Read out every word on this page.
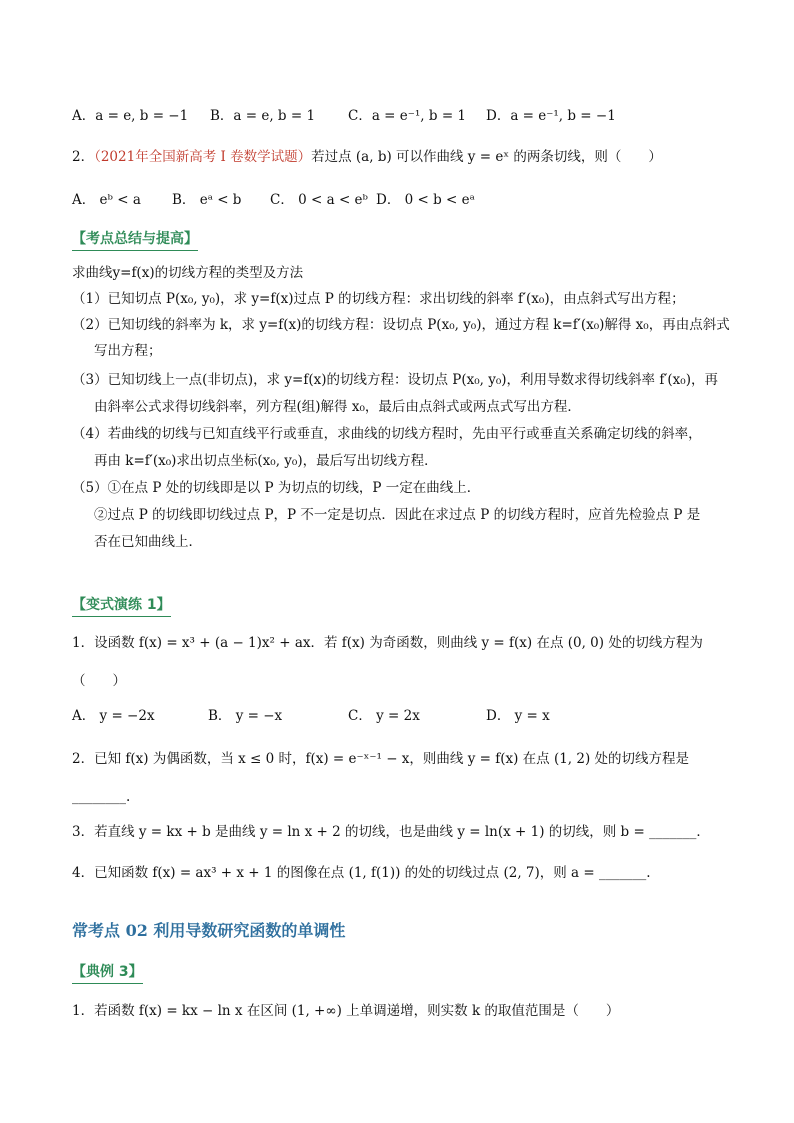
A．a = e, b = −1 B．a = e, b = 1 C．a = e⁻¹, b = 1 D．a = e⁻¹, b = −1
2．（2021年全国新高考 I 卷数学试题）若过点 (a, b) 可以作曲线 y = eˣ 的两条切线，则（　　）
A． eᵇ < a B． eᵃ < b C． 0 < a < eᵇ D． 0 < b < eᵃ
【考点总结与提高】
求曲线y=f(x)的切线方程的类型及方法
（1）已知切点 P(x₀, y₀)，求 y=f(x)过点 P 的切线方程：求出切线的斜率 f′(x₀)，由点斜式写出方程；
（2）已知切线的斜率为 k，求 y=f(x)的切线方程：设切点 P(x₀, y₀)，通过方程 k=f′(x₀)解得 x₀，再由点斜式
写出方程；
（3）已知切线上一点(非切点)，求 y=f(x)的切线方程：设切点 P(x₀, y₀)，利用导数求得切线斜率 f′(x₀)，再
由斜率公式求得切线斜率，列方程(组)解得 x₀，最后由点斜式或两点式写出方程．
（4）若曲线的切线与已知直线平行或垂直，求曲线的切线方程时，先由平行或垂直关系确定切线的斜率，
再由 k=f′(x₀)求出切点坐标(x₀, y₀)，最后写出切线方程．
（5）①在点 P 处的切线即是以 P 为切点的切线，P 一定在曲线上．
②过点 P 的切线即切线过点 P，P 不一定是切点．因此在求过点 P 的切线方程时，应首先检验点 P 是
否在已知曲线上．
【变式演练 1】
1．设函数 f(x) = x³ + (a − 1)x² + ax．若 f(x) 为奇函数，则曲线 y = f(x) 在点 (0, 0) 处的切线方程为
（　　）
A． y = −2x	B． y = −x	C． y = 2x	D． y = x
2．已知 f(x) 为偶函数，当 x ≤ 0 时，f(x) = e⁻ˣ⁻¹ − x，则曲线 y = f(x) 在点 (1, 2) 处的切线方程是
________.
3．若直线 y = kx + b 是曲线 y = ln x + 2 的切线，也是曲线 y = ln(x + 1) 的切线，则 b = _______．
4．已知函数 f(x) = ax³ + x + 1 的图像在点 (1, f(1)) 的处的切线过点 (2, 7)，则 a = _______.
常考点 02 利用导数研究函数的单调性
【典例 3】
1．若函数 f(x) = kx − ln x 在区间 (1, +∞) 上单调递增，则实数 k 的取值范围是（　　）
